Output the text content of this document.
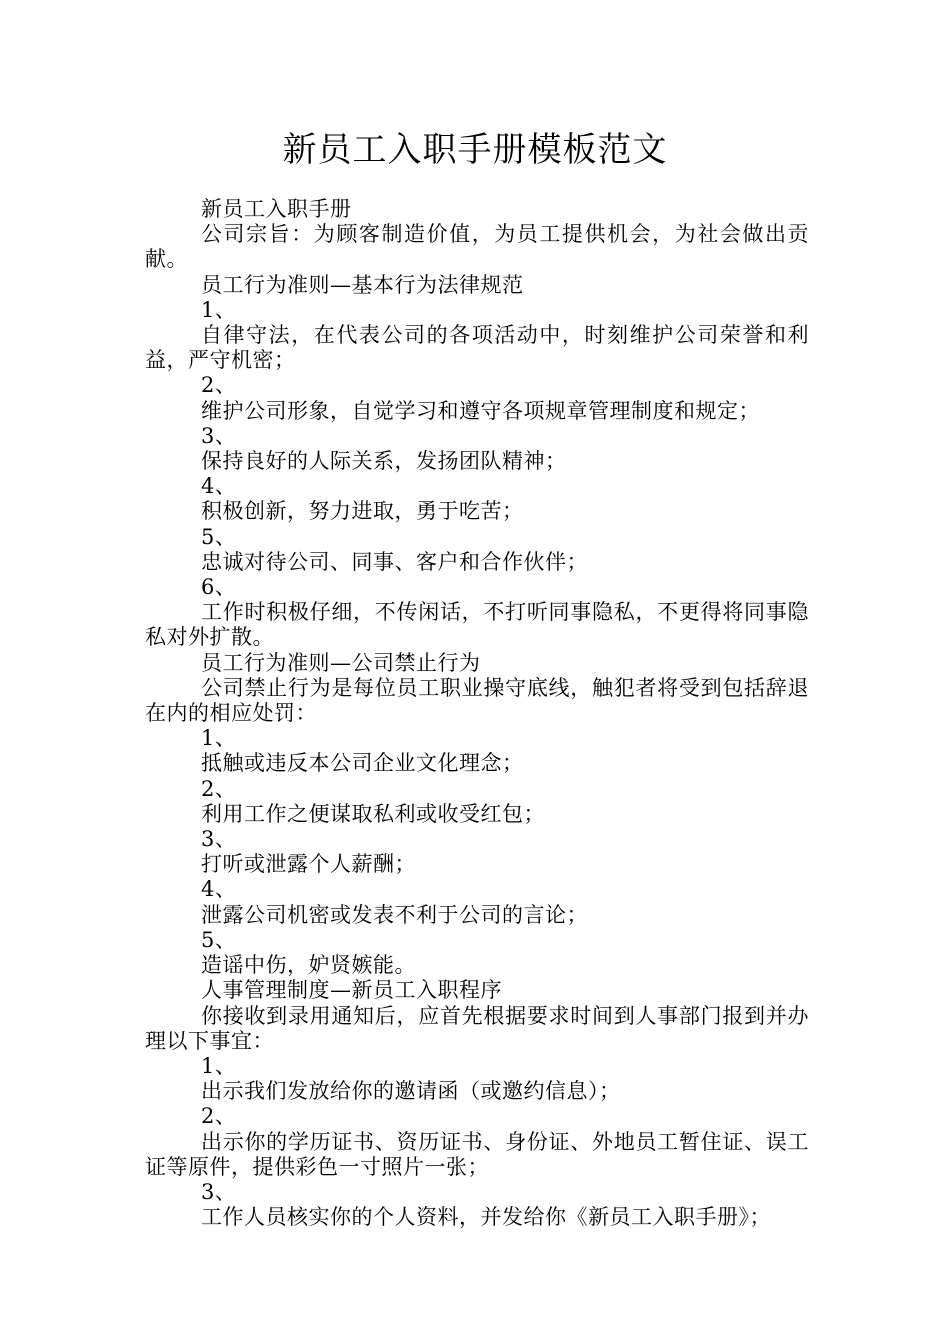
新员工入职手册模板范文

新员工入职手册

公司宗旨：为顾客制造价值，为员工提供机会，为社会做出贡献。

员工行为准则—基本行为法律规范

1、

自律守法，在代表公司的各项活动中，时刻维护公司荣誉和利益，严守机密；

2、

维护公司形象，自觉学习和遵守各项规章管理制度和规定；

3、

保持良好的人际关系，发扬团队精神；

4、

积极创新，努力进取，勇于吃苦；

5、

忠诚对待公司、同事、客户和合作伙伴；

6、

工作时积极仔细，不传闲话，不打听同事隐私，不更得将同事隐私对外扩散。

员工行为准则—公司禁止行为

公司禁止行为是每位员工职业操守底线，触犯者将受到包括辞退在内的相应处罚：

1、

抵触或违反本公司企业文化理念；

2、

利用工作之便谋取私利或收受红包；

3、

打听或泄露个人薪酬；

4、

泄露公司机密或发表不利于公司的言论；

5、

造谣中伤，妒贤嫉能。

人事管理制度—新员工入职程序

你接收到录用通知后，应首先根据要求时间到人事部门报到并办理以下事宜：

1、

出示我们发放给你的邀请函（或邀约信息）；

2、

出示你的学历证书、资历证书、身份证、外地员工暂住证、误工证等原件，提供彩色一寸照片一张；

3、

工作人员核实你的个人资料，并发给你《新员工入职手册》；
